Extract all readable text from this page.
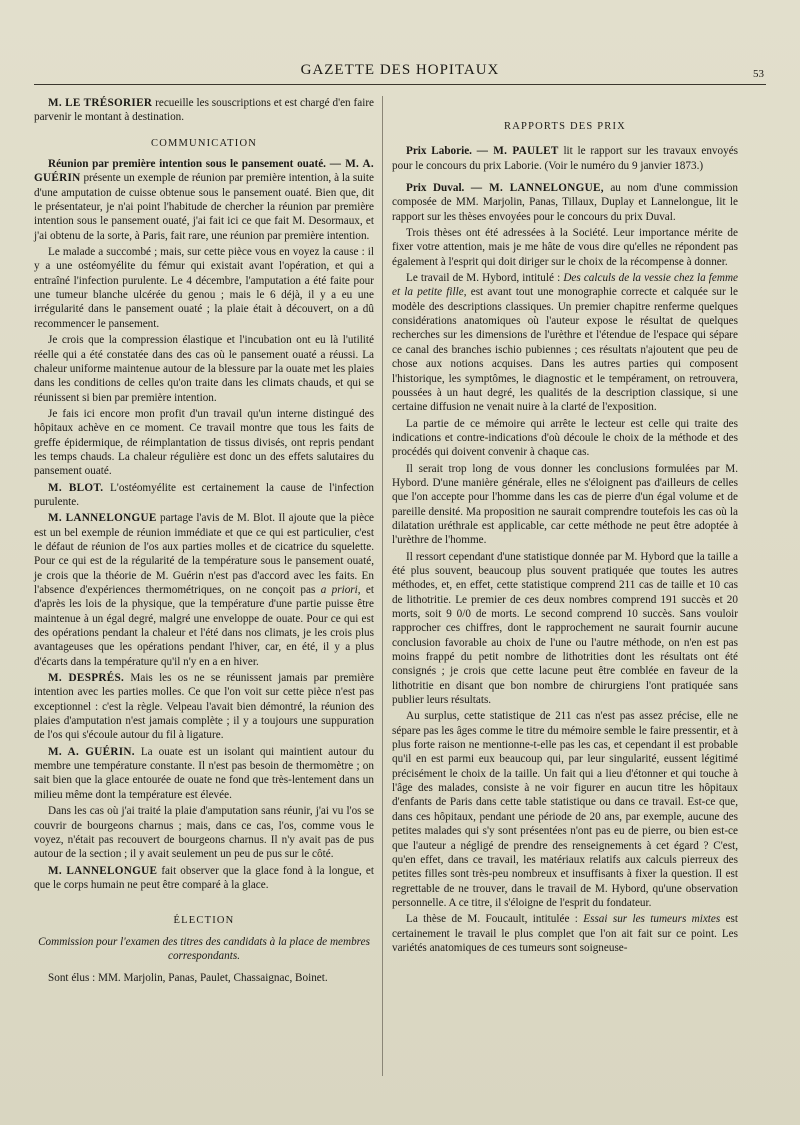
GAZETTE DES HOPITAUX	53

M. LE TRÉSORIER recueille les souscriptions et est chargé d'en faire parvenir le montant à destination.

COMMUNICATION

Réunion par première intention sous le pansement ouaté. — M. A. GUÉRIN présente un exemple de réunion par première intention, à la suite d'une amputation de cuisse obtenue sous le pansement ouaté. Bien que, dit le présentateur, je n'ai point l'habitude de chercher la réunion par première intention sous le pansement ouaté, j'ai fait ici ce que fait M. Desormaux, et j'ai obtenu de la sorte, à Paris, fait rare, une réunion par première intention.

Le malade a succombé ; mais, sur cette pièce vous en voyez la cause : il y a une ostéomyélite du fémur qui existait avant l'opération, et qui a entraîné l'infection purulente. Le 4 décembre, l'amputation a été faite pour une tumeur blanche ulcérée du genou ; mais le 6 déjà, il y a eu une irrégularité dans le pansement ouaté ; la plaie était à découvert, on a dû recommencer le pansement.

Je crois que la compression élastique et l'incubation ont eu là l'utilité réelle qui a été constatée dans des cas où le pansement ouaté a réussi. La chaleur uniforme maintenue autour de la blessure par la ouate met les plaies dans les conditions de celles qu'on traite dans les climats chauds, et qui se réunissent si bien par première intention.

Je fais ici encore mon profit d'un travail qu'un interne distingué des hôpitaux achève en ce moment. Ce travail montre que tous les faits de greffe épidermique, de réimplantation de tissus divisés, ont repris pendant les temps chauds. La chaleur régulière est donc un des effets salutaires du pansement ouaté.

M. BLOT. L'ostéomyélite est certainement la cause de l'infection purulente.

M. LANNELONGUE partage l'avis de M. Blot. Il ajoute que la pièce est un bel exemple de réunion immédiate et que ce qui est particulier, c'est le défaut de réunion de l'os aux parties molles et de cicatrice du squelette. Pour ce qui est de la régularité de la température sous le pansement ouaté, je crois que la théorie de M. Guérin n'est pas d'accord avec les faits. En l'absence d'expériences thermométriques, on ne conçoit pas a priori, et d'après les lois de la physique, que la température d'une partie puisse être maintenue à un égal degré, malgré une enveloppe de ouate. Pour ce qui est des opérations pendant la chaleur et l'été dans nos climats, je les crois plus avantageuses que les opérations pendant l'hiver, car, en été, il y a plus d'écarts dans la température qu'il n'y en a en hiver.

M. DESPRÉS. Mais les os ne se réunissent jamais par première intention avec les parties molles. Ce que l'on voit sur cette pièce n'est pas exceptionnel : c'est la règle. Velpeau l'avait bien démontré, la réunion des plaies d'amputation n'est jamais complète ; il y a toujours une suppuration de l'os qui s'écoule autour du fil à ligature.

M. A. GUÉRIN. La ouate est un isolant qui maintient autour du membre une température constante. Il n'est pas besoin de thermomètre ; on sait bien que la glace entourée de ouate ne fond que très-lentement dans un milieu même dont la température est élevée.

Dans les cas où j'ai traité la plaie d'amputation sans réunir, j'ai vu l'os se couvrir de bourgeons charnus ; mais, dans ce cas, l'os, comme vous le voyez, n'était pas recouvert de bourgeons charnus. Il n'y avait pas de pus autour de la section ; il y avait seulement un peu de pus sur le côté.

M. LANNELONGUE fait observer que la glace fond à la longue, et que le corps humain ne peut être comparé à la glace.

ÉLECTION

Commission pour l'examen des titres des candidats à la place de membres correspondants.

Sont élus : MM. Marjolin, Panas, Paulet, Chassaignac, Boinet.

RAPPORTS DES PRIX

Prix Laborie. — M. PAULET lit le rapport sur les travaux envoyés pour le concours du prix Laborie. (Voir le numéro du 9 janvier 1873.)

Prix Duval. — M. LANNELONGUE, au nom d'une commission composée de MM. Marjolin, Panas, Tillaux, Duplay et Lannelongue, lit le rapport sur les thèses envoyées pour le concours du prix Duval.

Trois thèses ont été adressées à la Société. Leur importance mérite de fixer votre attention, mais je me hâte de vous dire qu'elles ne répondent pas également à l'esprit qui doit diriger sur le choix de la récompense à donner.

Le travail de M. Hybord, intitulé : Des calculs de la vessie chez la femme et la petite fille, est avant tout une monographie correcte et calquée sur le modèle des descriptions classiques. Un premier chapitre renferme quelques considérations anatomiques où l'auteur expose le résultat de quelques recherches sur les dimensions de l'urèthre et l'étendue de l'espace qui sépare ce canal des branches ischio pubiennes ; ces résultats n'ajoutent que peu de chose aux notions acquises. Dans les autres parties qui composent l'historique, les symptômes, le diagnostic et le tempérament, on retrouvera, poussées à un haut degré, les qualités de la description classique, si une certaine diffusion ne venait nuire à la clarté de l'exposition.

La partie de ce mémoire qui arrête le lecteur est celle qui traite des indications et contre-indications d'où découle le choix de la méthode et des procédés qui doivent convenir à chaque cas.

Il serait trop long de vous donner les conclusions formulées par M. Hybord. D'une manière générale, elles ne s'éloignent pas d'ailleurs de celles que l'on accepte pour l'homme dans les cas de pierre d'un égal volume et de pareille densité. Ma proposition ne saurait comprendre toutefois les cas où la dilatation uréthrale est applicable, car cette méthode ne peut être adoptée à l'urèthre de l'homme.

Il ressort cependant d'une statistique donnée par M. Hybord que la taille a été plus souvent, beaucoup plus souvent pratiquée que toutes les autres méthodes, et, en effet, cette statistique comprend 211 cas de taille et 10 cas de lithotritie. Le premier de ces deux nombres comprend 191 succès et 20 morts, soit 9 0/0 de morts. Le second comprend 10 succès. Sans vouloir rapprocher ces chiffres, dont le rapprochement ne saurait fournir aucune conclusion favorable au choix de l'une ou l'autre méthode, on n'en est pas moins frappé du petit nombre de lithotrities dont les résultats ont été consignés ; je crois que cette lacune peut être comblée en faveur de la lithotritie en disant que bon nombre de chirurgiens l'ont pratiquée sans publier leurs résultats.

Au surplus, cette statistique de 211 cas n'est pas assez précise, elle ne sépare pas les âges comme le titre du mémoire semble le faire pressentir, et à plus forte raison ne mentionne-t-elle pas les cas, et cependant il est probable qu'il en est parmi eux beaucoup qui, par leur singularité, eussent légitimé précisément le choix de la taille. Un fait qui a lieu d'étonner et qui touche à l'âge des malades, consiste à ne voir figurer en aucun titre les hôpitaux d'enfants de Paris dans cette table statistique ou dans ce travail. Est-ce que, dans ces hôpitaux, pendant une période de 20 ans, par exemple, aucune des petites malades qui s'y sont présentées n'ont pas eu de pierre, ou bien est-ce que l'auteur a négligé de prendre des renseignements à cet égard ? C'est, qu'en effet, dans ce travail, les matériaux relatifs aux calculs pierreux des petites filles sont très-peu nombreux et insuffisants à fixer la question. Il est regrettable de ne trouver, dans le travail de M. Hybord, qu'une observation personnelle. A ce titre, il s'éloigne de l'esprit du fondateur.

La thèse de M. Foucault, intitulée : Essai sur les tumeurs mixtes est certainement le travail le plus complet que l'on ait fait sur ce point. Les variétés anatomiques de ces tumeurs sont soigneuse-
